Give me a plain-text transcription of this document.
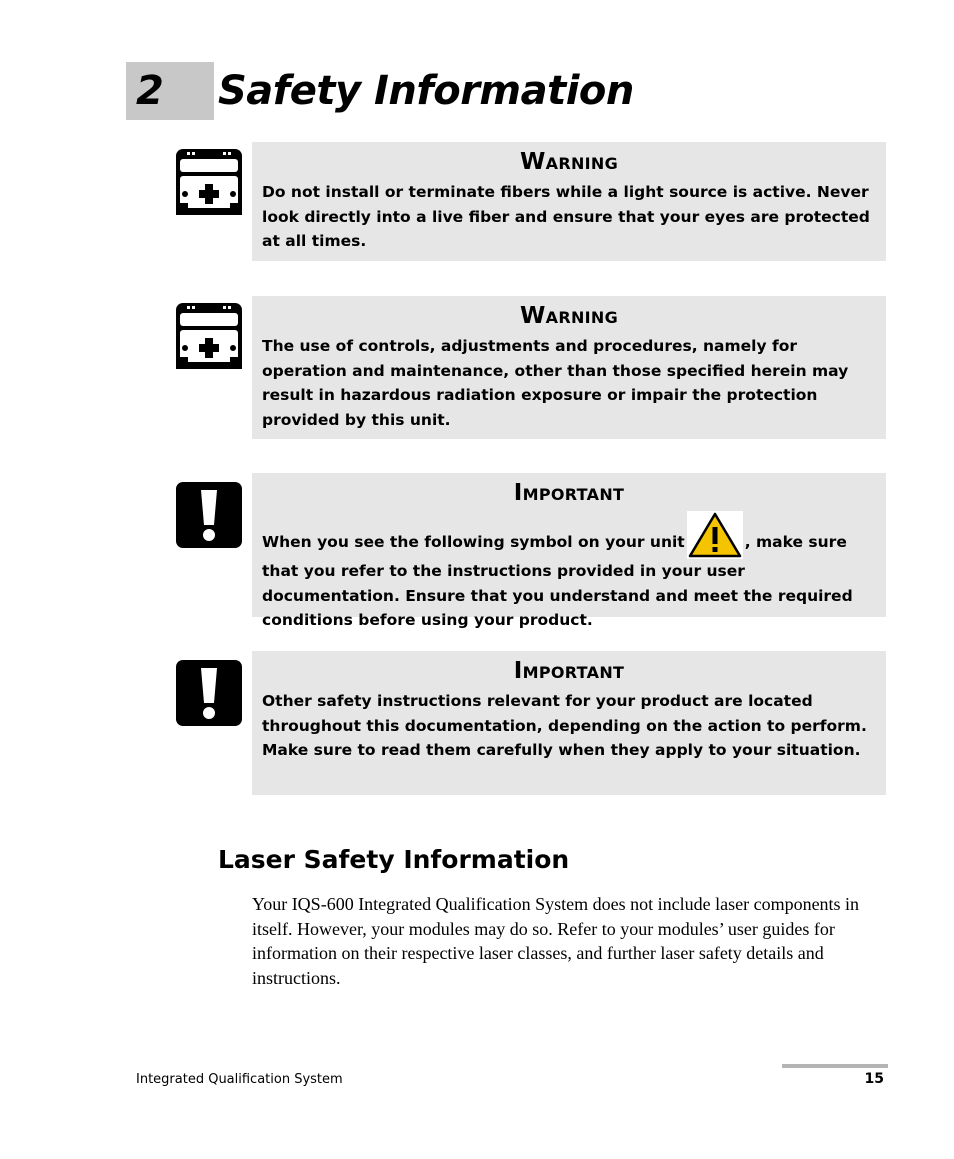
2 Safety Information
Warning
Do not install or terminate fibers while a light source is active. Never look directly into a live fiber and ensure that your eyes are protected at all times.
Warning
The use of controls, adjustments and procedures, namely for operation and maintenance, other than those specified herein may result in hazardous radiation exposure or impair the protection provided by this unit.
Important
When you see the following symbol on your unit	, make sure that you refer to the instructions provided in your user documentation. Ensure that you understand and meet the required conditions before using your product.
Important
Other safety instructions relevant for your product are located throughout this documentation, depending on the action to perform. Make sure to read them carefully when they apply to your situation.
Laser Safety Information
Your IQS-600 Integrated Qualification System does not include laser components in itself. However, your modules may do so. Refer to your modules’ user guides for information on their respective laser classes, and further laser safety details and instructions.
Integrated Qualification System	15
